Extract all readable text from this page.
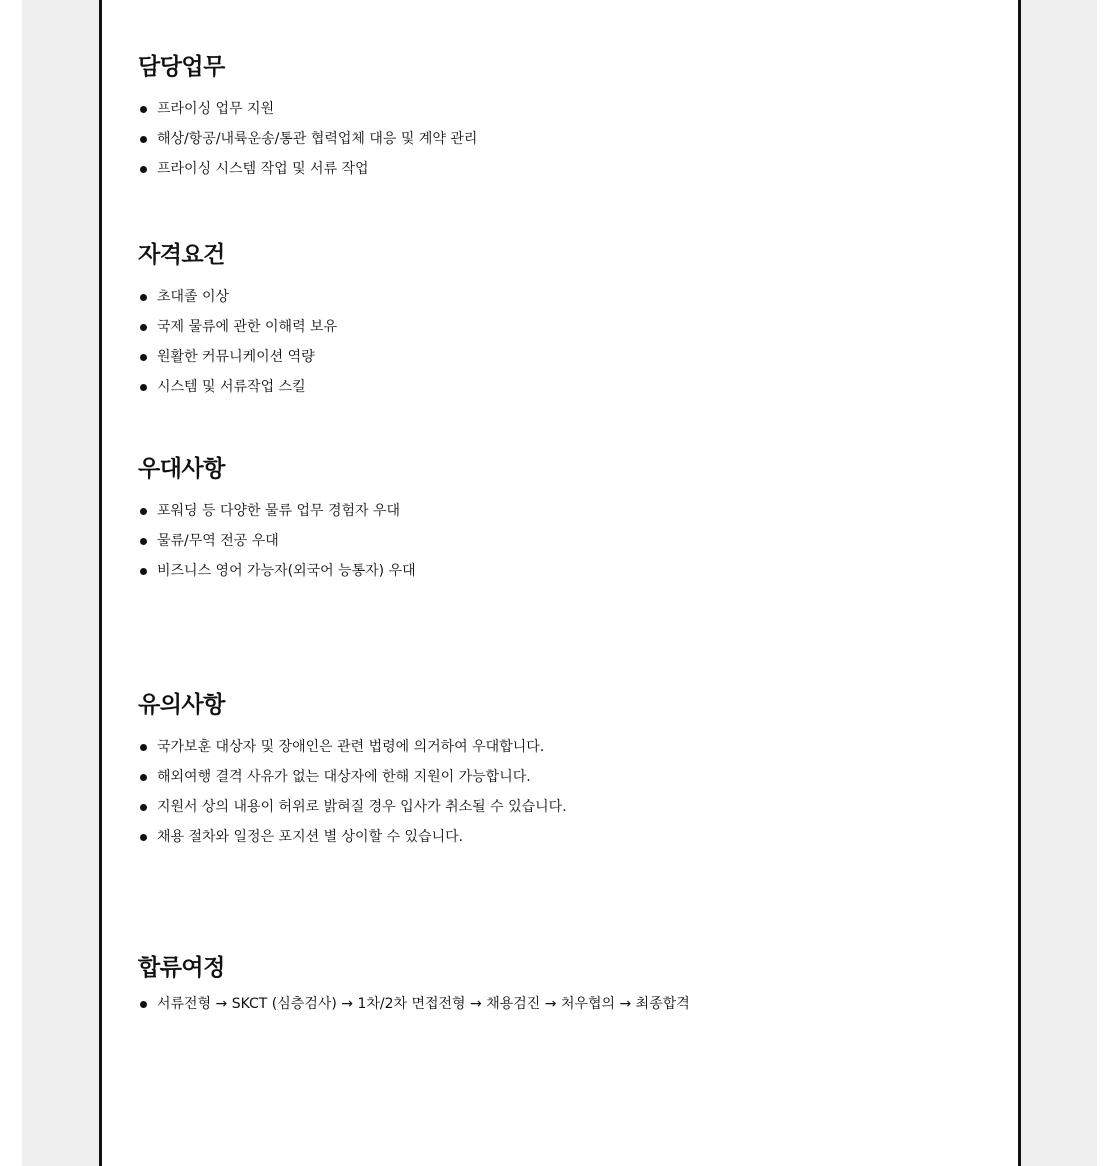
담당업무
프라이싱 업무 지원
해상/항공/내륙운송/통관 협력업체 대응 및 계약 관리
프라이싱 시스템 작업 및 서류 작업
자격요건
초대졸 이상
국제 물류에 관한 이해력 보유
원활한 커뮤니케이션 역량
시스템 및 서류작업 스킬
우대사항
포워딩 등 다양한 물류 업무 경험자 우대
물류/무역 전공 우대
비즈니스 영어 가능자(외국어 능통자) 우대
유의사항
국가보훈 대상자 및 장애인은 관련 법령에 의거하여 우대합니다.
해외여행 결격 사유가 없는 대상자에 한해 지원이 가능합니다.
지원서 상의 내용이 허위로 밝혀질 경우 입사가 취소될 수 있습니다.
채용 절차와 일정은 포지션 별 상이할 수 있습니다.
합류여정
서류전형 → SKCT (심층검사) → 1차/2차 면접전형 → 채용검진 → 처우협의 → 최종합격
